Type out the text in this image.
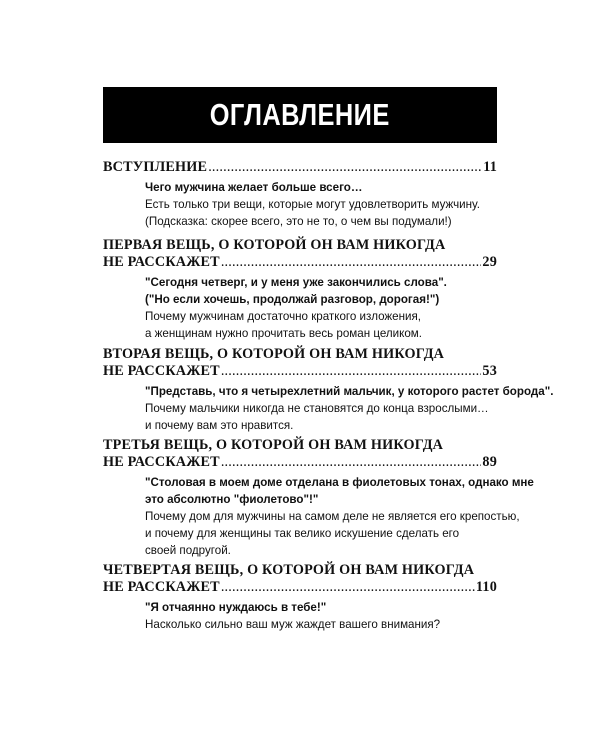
ОГЛАВЛЕНИЕ
ВСТУПЛЕНИЕ .....	11
Чего мужчина желает больше всего…
Есть только три вещи, которые могут удовлетворить мужчину.
(Подсказка: скорее всего, это не то, о чем вы подумали!)
ПЕРВАЯ ВЕЩЬ, О КОТОРОЙ ОН ВАМ НИКОГДА
НЕ РАССКАЖЕТ .....	29
"Сегодня четверг, и у меня уже закончились слова".
("Но если хочешь, продолжай разговор, дорогая!")
Почему мужчинам достаточно краткого изложения,
а женщинам нужно прочитать весь роман целиком.
ВТОРАЯ ВЕЩЬ, О КОТОРОЙ ОН ВАМ НИКОГДА
НЕ РАССКАЖЕТ .....	53
"Представь, что я четырехлетний мальчик, у которого растет борода".
Почему мальчики никогда не становятся до конца взрослыми…
и почему вам это нравится.
ТРЕТЬЯ ВЕЩЬ, О КОТОРОЙ ОН ВАМ НИКОГДА
НЕ РАССКАЖЕТ .....	89
"Столовая в моем доме отделана в фиолетовых тонах, однако мне
это абсолютно "фиолетово"!"
Почему дом для мужчины на самом деле не является его крепостью,
и почему для женщины так велико искушение сделать его
своей подругой.
ЧЕТВЕРТАЯ ВЕЩЬ, О КОТОРОЙ ОН ВАМ НИКОГДА
НЕ РАССКАЖЕТ .....	110
"Я отчаянно нуждаюсь в тебе!"
Насколько сильно ваш муж жаждет вашего внимания?
